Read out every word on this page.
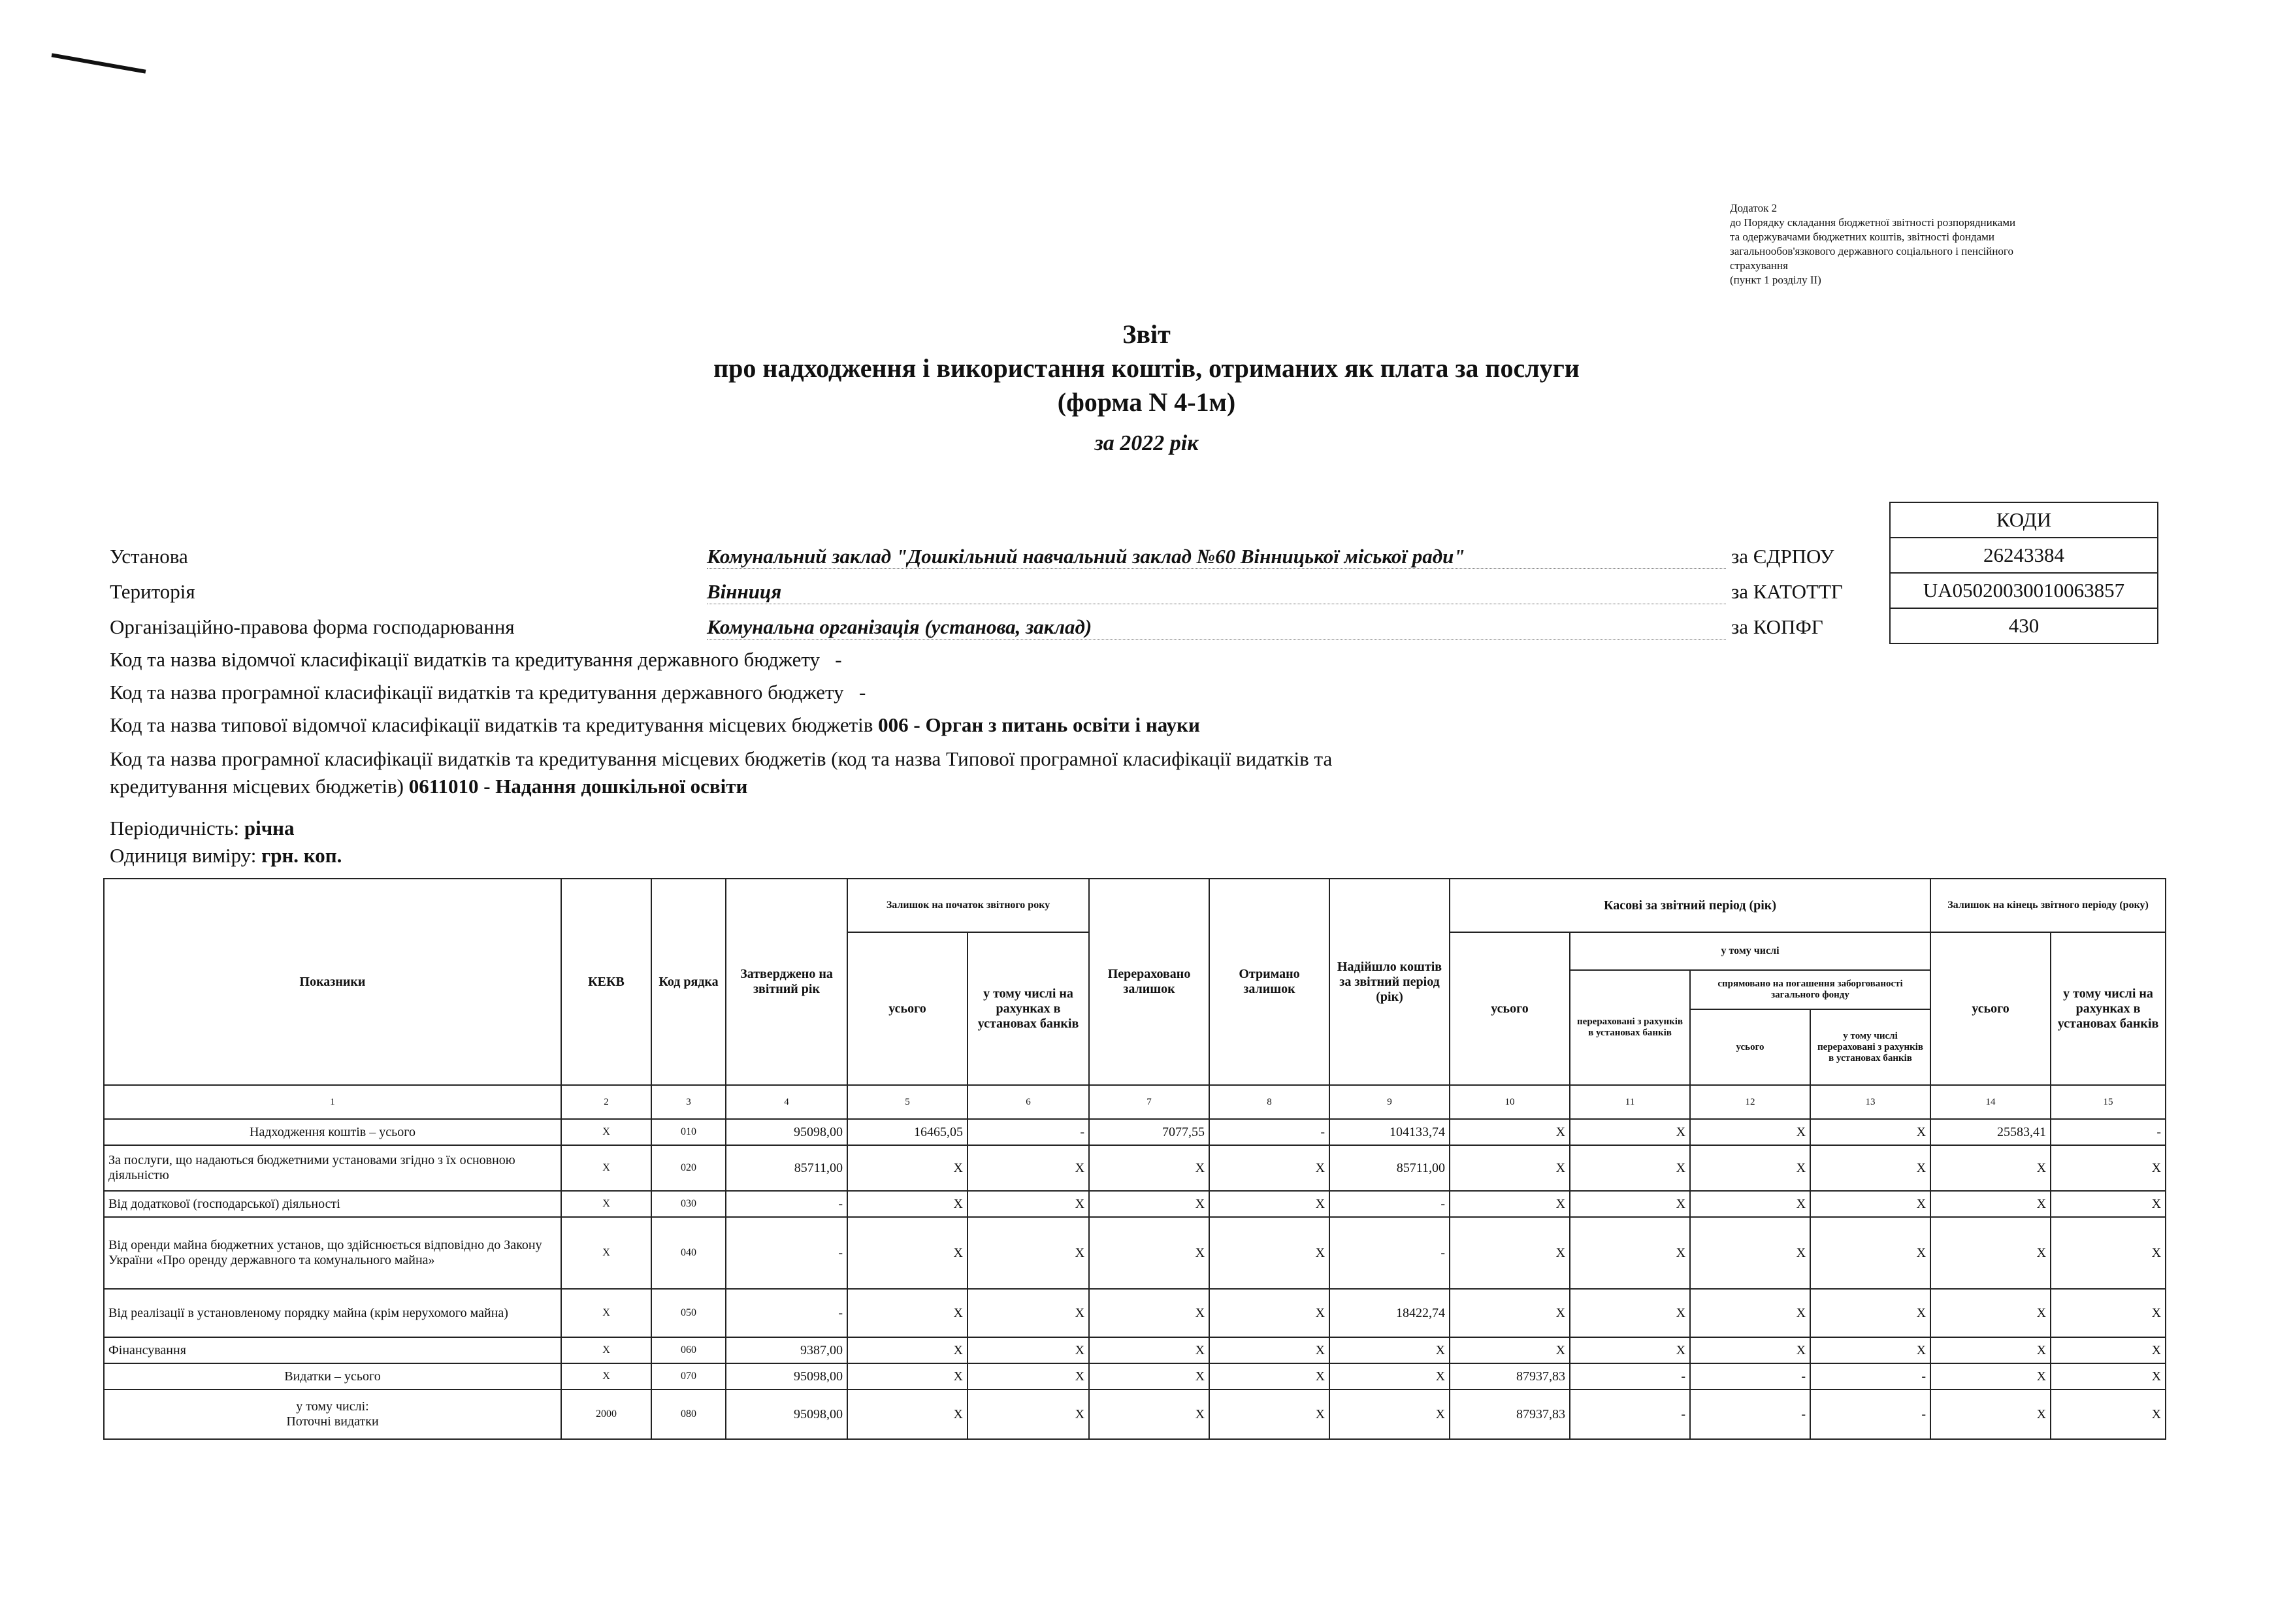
Додаток 2
до Порядку складання бюджетної звітності розпорядниками
та одержувачами бюджетних коштів, звітності фондами
загальнообов'язкового державного соціального і пенсійного
страхування
(пункт 1 розділу II)
Звіт
про надходження і використання коштів, отриманих як плата за послуги
(форма N 4-1м)
за 2022 рік
КОДИ
26243384
UA05020030010063857
430
Установа	Комунальний заклад "Дошкільний навчальний заклад №60 Вінницької міської ради"	за ЄДРПОУ
Територія	Вінниця	за КАТОТТГ
Організаційно-правова форма господарювання	Комунальна організація (установа, заклад)	за КОПФГ
Код та назва відомчої класифікації видатків та кредитування державного бюджету -
Код та назва програмної класифікації видатків та кредитування державного бюджету -
Код та назва типової відомчої класифікації видатків та кредитування місцевих бюджетів 006 - Орган з питань освіти і науки
Код та назва програмної класифікації видатків та кредитування місцевих бюджетів (код та назва Типової програмної класифікації видатків та
кредитування місцевих бюджетів) 0611010 - Надання дошкільної освіти
Періодичність: річна
Одиниця виміру: грн. коп.
Показники	КЕКВ	Код рядка	Затверджено на звітний рік	Залишок на початок звітного року		Перераховано залишок	Отримано залишок	Надійшло коштів за звітний період (рік)	Касові за звітний період (рік)				Залишок на кінець звітного періоду (року)	
				усього	у тому числі на рахунках в установах банків				усього	у тому числі			усього	у тому числі на рахунках в установах банків
										перераховані з рахунків в установах банків	спрямовано на погашення заборгованості загального фонду			
											усього	у тому числі перераховані з рахунків в установах банків		
1	2	3	4	5	6	7	8	9	10	11	12	13	14	15
Надходження коштів – усього	X	010	95098,00	16465,05	-	7077,55	-	104133,74	X	X	X	X	25583,41	-
За послуги, що надаються бюджетними установами згідно з їх основною діяльністю	X	020	85711,00	X	X	X	X	85711,00	X	X	X	X	X	X
Від додаткової (господарської) діяльності	X	030	-	X	X	X	X	-	X	X	X	X	X	X
Від оренди майна бюджетних установ, що здійснюється відповідно до Закону України «Про оренду державного та комунального майна»	X	040	-	X	X	X	X	-	X	X	X	X	X	X
Від реалізації в установленому порядку майна (крім нерухомого майна)	X	050	-	X	X	X	X	18422,74	X	X	X	X	X	X
Фінансування	X	060	9387,00	X	X	X	X	X	X	X	X	X	X	X
Видатки – усього	X	070	95098,00	X	X	X	X	X	87937,83	-	-	-	X	X
у тому числі:
Поточні видатки	2000	080	95098,00	X	X	X	X	X	87937,83	-	-	-	X	X
